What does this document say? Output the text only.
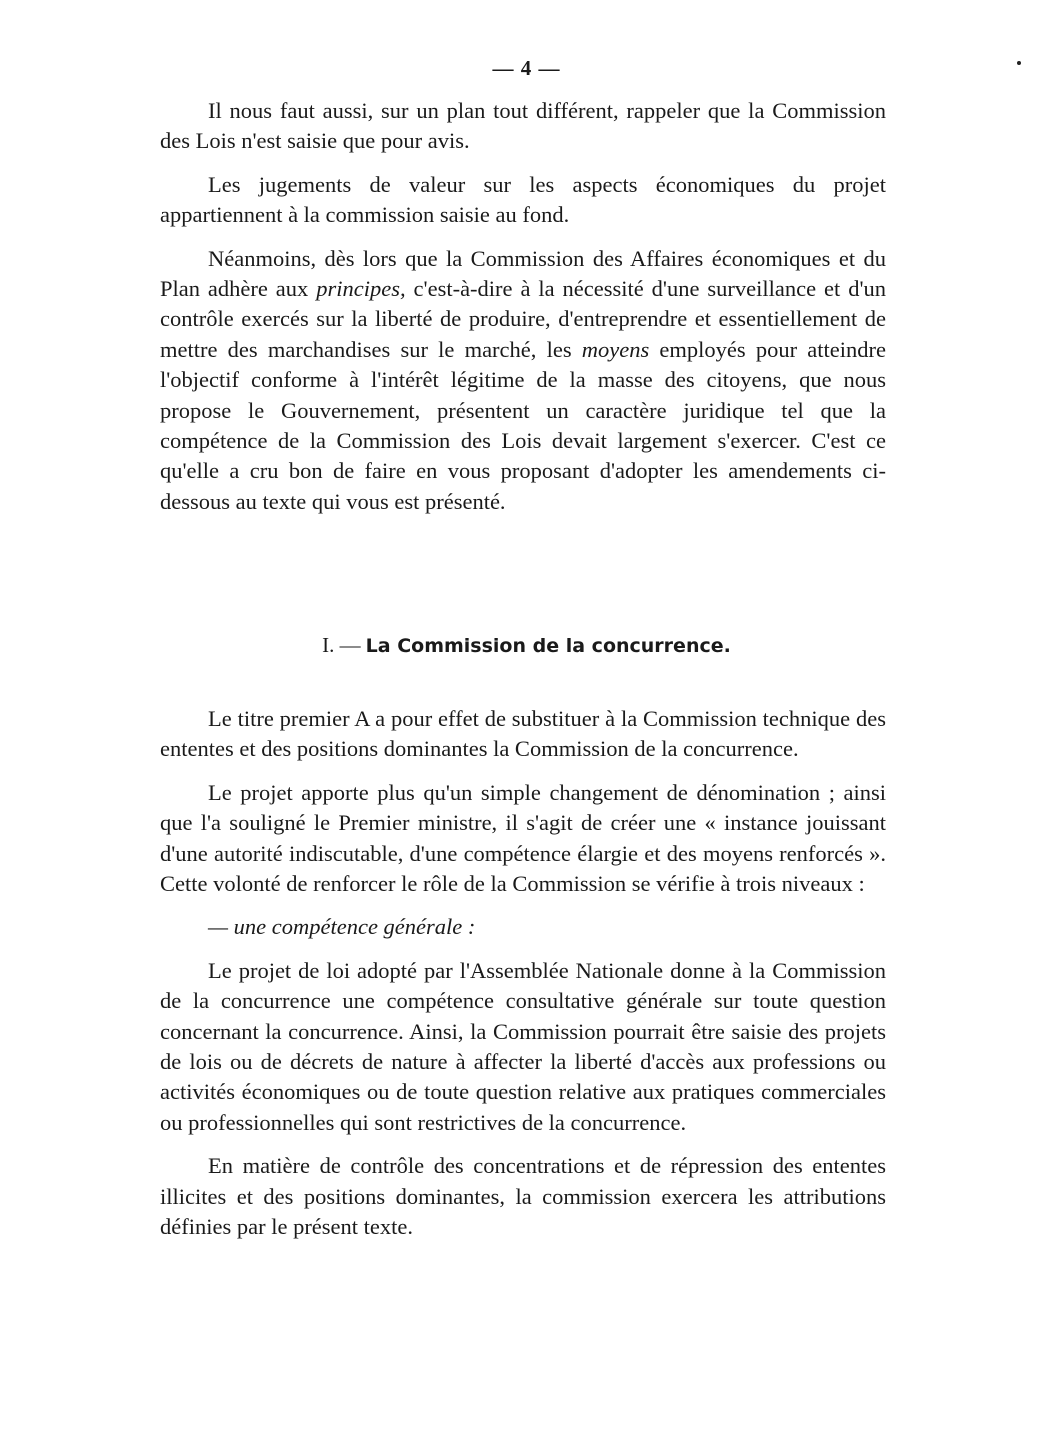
— 4 —

Il nous faut aussi, sur un plan tout différent, rappeler que la Commission des Lois n'est saisie que pour avis.

Les jugements de valeur sur les aspects économiques du projet appartiennent à la commission saisie au fond.

Néanmoins, dès lors que la Commission des Affaires économiques et du Plan adhère aux principes, c'est-à-dire à la nécessité d'une surveillance et d'un contrôle exercés sur la liberté de produire, d'entreprendre et essentiellement de mettre des marchandises sur le marché, les moyens employés pour atteindre l'objectif conforme à l'intérêt légitime de la masse des citoyens, que nous propose le Gouvernement, présentent un caractère juridique tel que la compétence de la Commission des Lois devait largement s'exercer. C'est ce qu'elle a cru bon de faire en vous proposant d'adopter les amendements ci-dessous au texte qui vous est présenté.

I. — La Commission de la concurrence.

Le titre premier A a pour effet de substituer à la Commission technique des ententes et des positions dominantes la Commission de la concurrence.

Le projet apporte plus qu'un simple changement de dénomination ; ainsi que l'a souligné le Premier ministre, il s'agit de créer une « instance jouissant d'une autorité indiscutable, d'une compétence élargie et des moyens renforcés ». Cette volonté de renforcer le rôle de la Commission se vérifie à trois niveaux :

— une compétence générale :

Le projet de loi adopté par l'Assemblée Nationale donne à la Commission de la concurrence une compétence consultative générale sur toute question concernant la concurrence. Ainsi, la Commission pourrait être saisie des projets de lois ou de décrets de nature à affecter la liberté d'accès aux professions ou activités économiques ou de toute question relative aux pratiques commerciales ou professionnelles qui sont restrictives de la concurrence.

En matière de contrôle des concentrations et de répression des ententes illicites et des positions dominantes, la commission exercera les attributions définies par le présent texte.
